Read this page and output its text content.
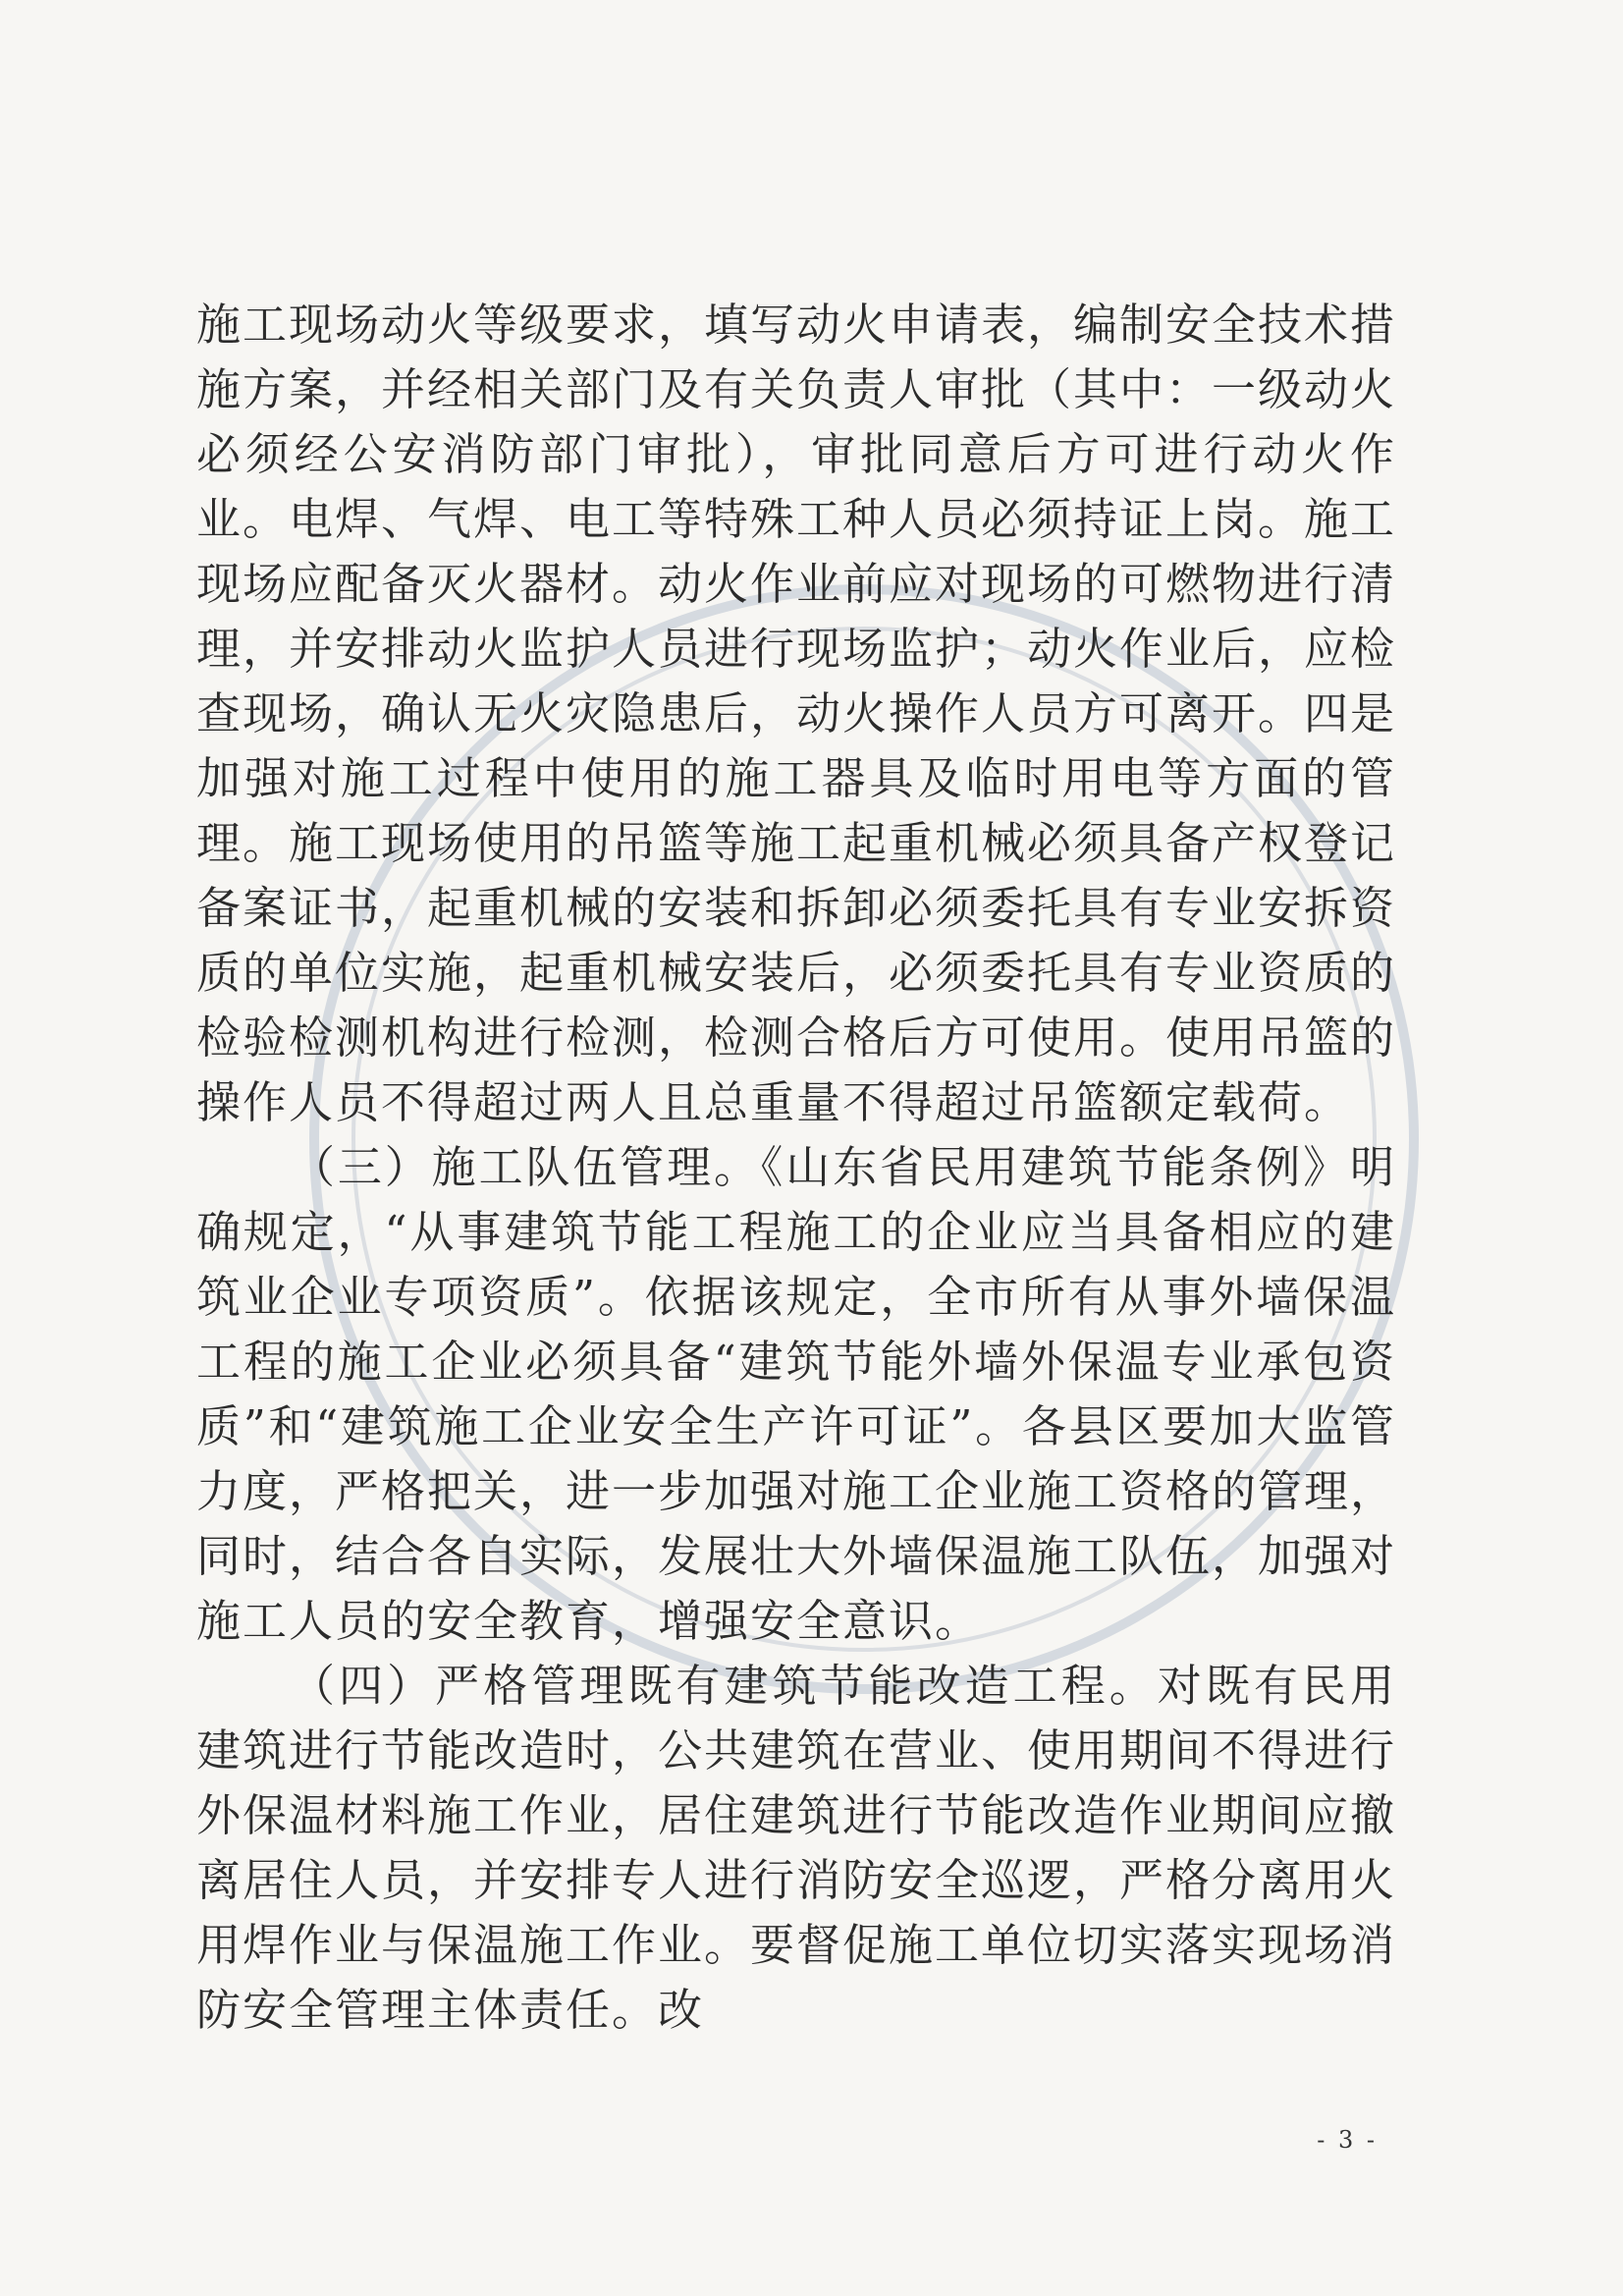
施工现场动火等级要求，填写动火申请表，编制安全技术措施方案，并经相关部门及有关负责人审批（其中：一级动火必须经公安消防部门审批），审批同意后方可进行动火作业。电焊、气焊、电工等特殊工种人员必须持证上岗。施工现场应配备灭火器材。动火作业前应对现场的可燃物进行清理，并安排动火监护人员进行现场监护；动火作业后，应检查现场，确认无火灾隐患后，动火操作人员方可离开。四是加强对施工过程中使用的施工器具及临时用电等方面的管理。施工现场使用的吊篮等施工起重机械必须具备产权登记备案证书，起重机械的安装和拆卸必须委托具有专业安拆资质的单位实施，起重机械安装后，必须委托具有专业资质的检验检测机构进行检测，检测合格后方可使用。使用吊篮的操作人员不得超过两人且总重量不得超过吊篮额定载荷。

（三）施工队伍管理。《山东省民用建筑节能条例》明确规定，“从事建筑节能工程施工的企业应当具备相应的建筑业企业专项资质”。依据该规定，全市所有从事外墙保温工程的施工企业必须具备“建筑节能外墙外保温专业承包资质”和“建筑施工企业安全生产许可证”。各县区要加大监管力度，严格把关，进一步加强对施工企业施工资格的管理，同时，结合各自实际，发展壮大外墙保温施工队伍，加强对施工人员的安全教育，增强安全意识。

（四）严格管理既有建筑节能改造工程。对既有民用建筑进行节能改造时，公共建筑在营业、使用期间不得进行外保温材料施工作业，居住建筑进行节能改造作业期间应撤离居住人员，并安排专人进行消防安全巡逻，严格分离用火用焊作业与保温施工作业。要督促施工单位切实落实现场消防安全管理主体责任。改

- 3 -
